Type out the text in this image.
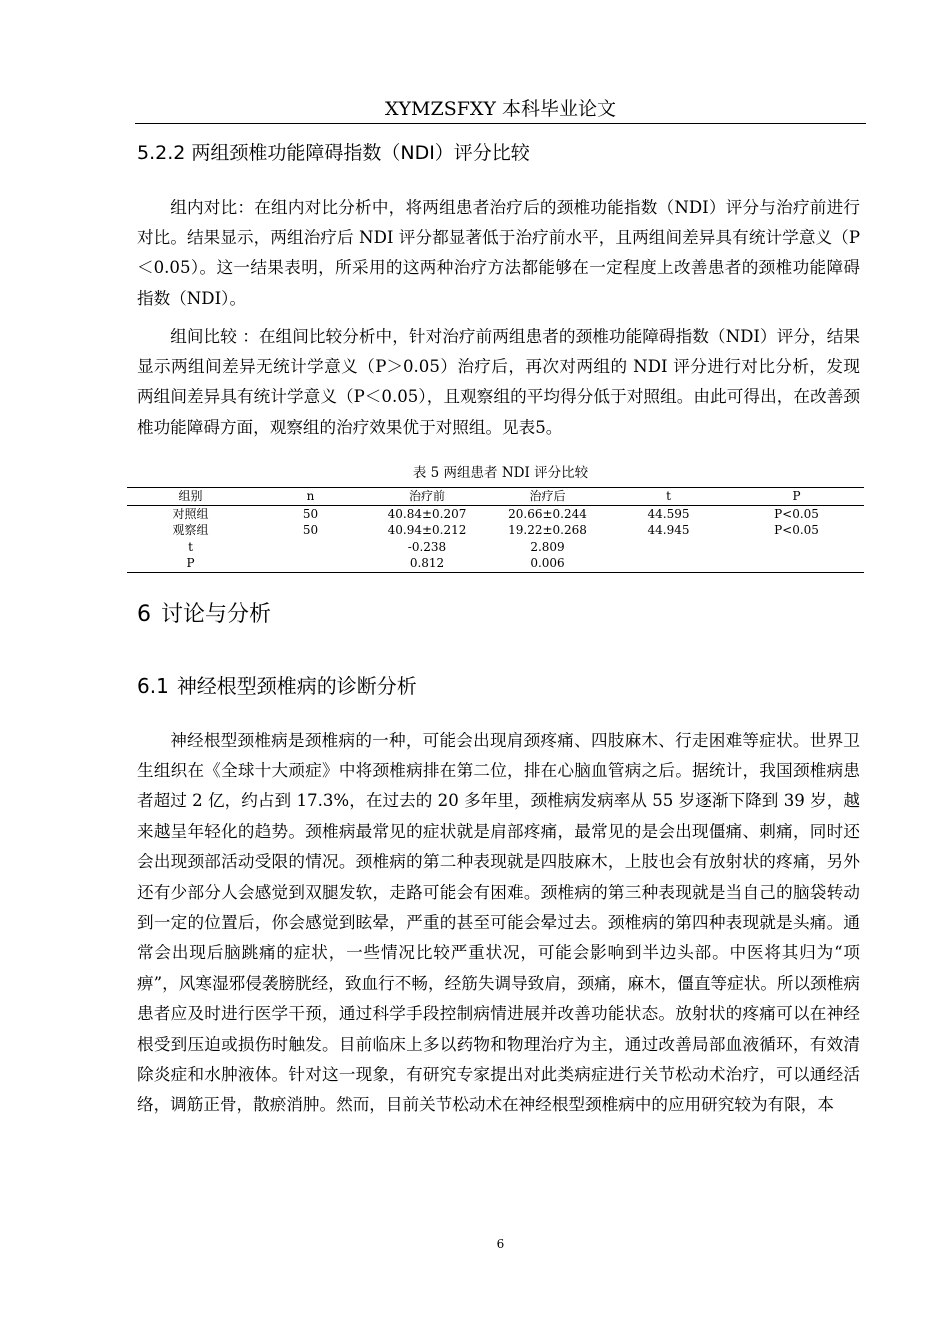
XYMZSFXY 本科毕业论文
5.2.2 两组颈椎功能障碍指数（NDI）评分比较

组内对比：在组内对比分析中，将两组患者治疗后的颈椎功能指数（NDI）评分与治疗前进行对比。结果显示，两组治疗后 NDI 评分都显著低于治疗前水平，且两组间差异具有统计学意义（P＜0.05）。这一结果表明，所采用的这两种治疗方法都能够在一定程度上改善患者的颈椎功能障碍指数（NDI）。

组间比较 ：在组间比较分析中，针对治疗前两组患者的颈椎功能障碍指数（NDI）评分，结果显示两组间差异无统计学意义（P＞0.05）治疗后，再次对两组的 NDI 评分进行对比分析，发现两组间差异具有统计学意义（P＜0.05），且观察组的平均得分低于对照组。由此可得出，在改善颈椎功能障碍方面，观察组的治疗效果优于对照组。见表5。

表 5 两组患者 NDI 评分比较
组别	n	治疗前	治疗后	t	P
对照组	50	40.84±0.207	20.66±0.244	44.595	P<0.05
观察组	50	40.94±0.212	19.22±0.268	44.945	P<0.05
t		-0.238	2.809		
P		0.812	0.006		
6 讨论与分析
6.1 神经根型颈椎病的诊断分析

神经根型颈椎病是颈椎病的一种，可能会出现肩颈疼痛、四肢麻木、行走困难等症状。世界卫生组织在《全球十大顽症》中将颈椎病排在第二位，排在心脑血管病之后。据统计，我国颈椎病患者超过 2 亿，约占到 17.3%，在过去的 20 多年里，颈椎病发病率从 55 岁逐渐下降到 39 岁，越来越呈年轻化的趋势。颈椎病最常见的症状就是肩部疼痛，最常见的是会出现僵痛、刺痛，同时还会出现颈部活动受限的情况。颈椎病的第二种表现就是四肢麻木，上肢也会有放射状的疼痛，另外还有少部分人会感觉到双腿发软，走路可能会有困难。颈椎病的第三种表现就是当自己的脑袋转动到一定的位置后，你会感觉到眩晕，严重的甚至可能会晕过去。颈椎病的第四种表现就是头痛。通常会出现后脑跳痛的症状，一些情况比较严重状况，可能会影响到半边头部。中医将其归为“项痹”，风寒湿邪侵袭膀胱经，致血行不畅，经筋失调导致肩，颈痛，麻木，僵直等症状。所以颈椎病患者应及时进行医学干预，通过科学手段控制病情进展并改善功能状态。放射状的疼痛可以在神经根受到压迫或损伤时触发。目前临床上多以药物和物理治疗为主，通过改善局部血液循环，有效清除炎症和水肿液体。针对这一现象，有研究专家提出对此类病症进行关节松动术治疗，可以通经活络，调筋正骨，散瘀消肿。然而，目前关节松动术在神经根型颈椎病中的应用研究较为有限，本

6
